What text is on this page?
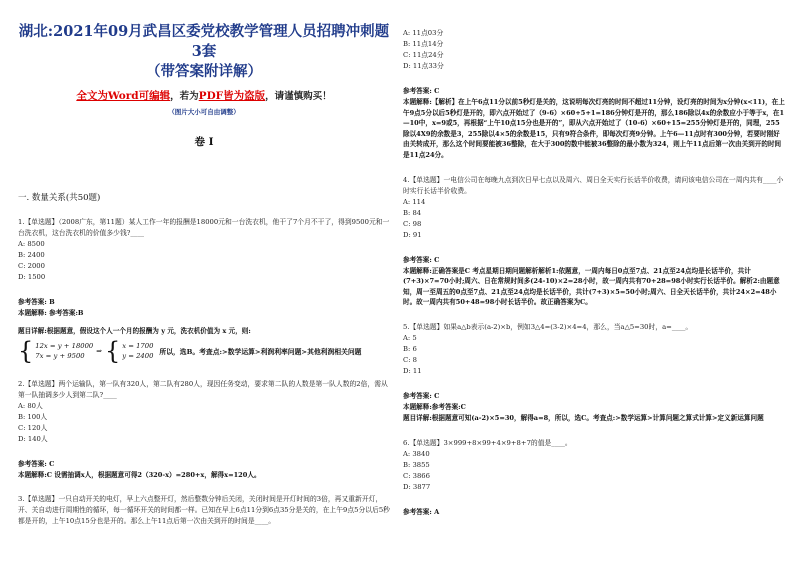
湖北:2021年09月武昌区委党校教学管理人员招聘冲刺题3套

（带答案附详解）

全文为Word可编辑，若为PDF皆为盗版，请谨慎购买！
（图片大小可自由调整）
卷 I
一. 数量关系(共50题)
1.【单选题】（2008广东，第11题）某人工作一年的报酬是18000元和一台洗衣机，他干了7个月不干了，得到9500元和一台洗衣机，这台洗衣机的价值多少钱?____
A: 8500
B: 2400
C: 2000
D: 1500
参考答案: B
本题解释: 参考答案:B
题目详解:根据题意，假设这个人一个月的报酬为 y 元，洗衣机价值为 x 元，则:
{ 12x = y + 18000
7x = y + 9500
⇒ { x = 1700
y = 2400 所以，选B。考查点:>数学运算>利润利率问题>其他利润相关问题
2.【单选题】两个运输队，第一队有320人，第二队有280人，现因任务变动，要求第二队的人数是第一队人数的2倍，需从第一队抽调多少人到第二队?____
A: 80人
B: 100人
C: 120人
D: 140人
参考答案: C
本题解释:C 设需抽调x人，根据题意可得2（320-x）=280+x，解得x=120人。
3.【单选题】一只自动开关的电灯，早上六点整开灯，然后整数分钟后关闭，关闭时间是开灯时间的3倍，再又重新开灯，开、关自动进行周期性的循环，每一循环开关的时间都一样。已知在早上6点11分到6点35分是关的，在上午9点5分以后5秒都是开的，上午10点15分也是开的。那么上午11点后第一次由关到开的时间是____。
A: 11点03分
B: 11点14分
C: 11点24分
D: 11点33分
参考答案: C
本题解释:【解析】在上午6点11分以前5秒灯是关的，这说明每次灯亮的时间不超过11分钟，设灯亮的时间为x分钟(x<11)，在上午9点5分以后5秒灯是开的，即六点开始过了（9-6）×60+5+1=186分钟灯是开的，那么186除以4x的余数应小于等于x，在1—10中，x=9或5，再根据“上午10点15分也是开的”，即从六点开始过了（10-6）×60+15=255分钟灯是开的，同理，255除以4X9的余数是3，255除以4×5的余数是15，只有9符合条件，即每次灯亮9分钟。上午6—11点时有300分钟，若要时刚好由关转成开，那么这个时间要能被36整除，在大于300的数中能被36整除的最小数为324，则上午11点后第一次由关到开的时间是11点24分。
4.【单选题】一电信公司在每晚九点到次日早七点以及周六、周日全天实行长话半价收费，请问该电信公司在一周内共有____小时实行长话半价收费。
A: 114
B: 84
C: 98
D: 91
参考答案: C
本题解释:正确答案是C 考点星期日期问题解析解析1:依题意，一周内每日0点至7点、21点至24点均是长话半价，共计(7+3)×7=70小时;周六、日在常规时间多(24-10)×2=28小时，故一周内共有70+28=98小时实行长话半价。解析2:由题意知，周一至周五的0点至7点、21点至24点均是长话半价，共计(7+3)×5=50小时;周六、日全天长话半价，共计24×2=48小时。故一周内共有50+48=98小时长话半价。故正确答案为C。
5.【单选题】如果a△b表示(a-2)×b，例如3△4=(3-2)×4=4，那么，当a△5=30时，a=____。
A: 5
B: 6
C: 8
D: 11
参考答案: C
本题解释:参考答案:C
题目详解:根据题意可知(a-2)×5=30，解得a=8，所以，选C。考查点:>数学运算>计算问题之算式计算>定义新运算问题
6.【单选题】3×999+8×99+4×9+8+7的值是____。
A: 3840
B: 3855
C: 3866
D: 3877
参考答案: A
